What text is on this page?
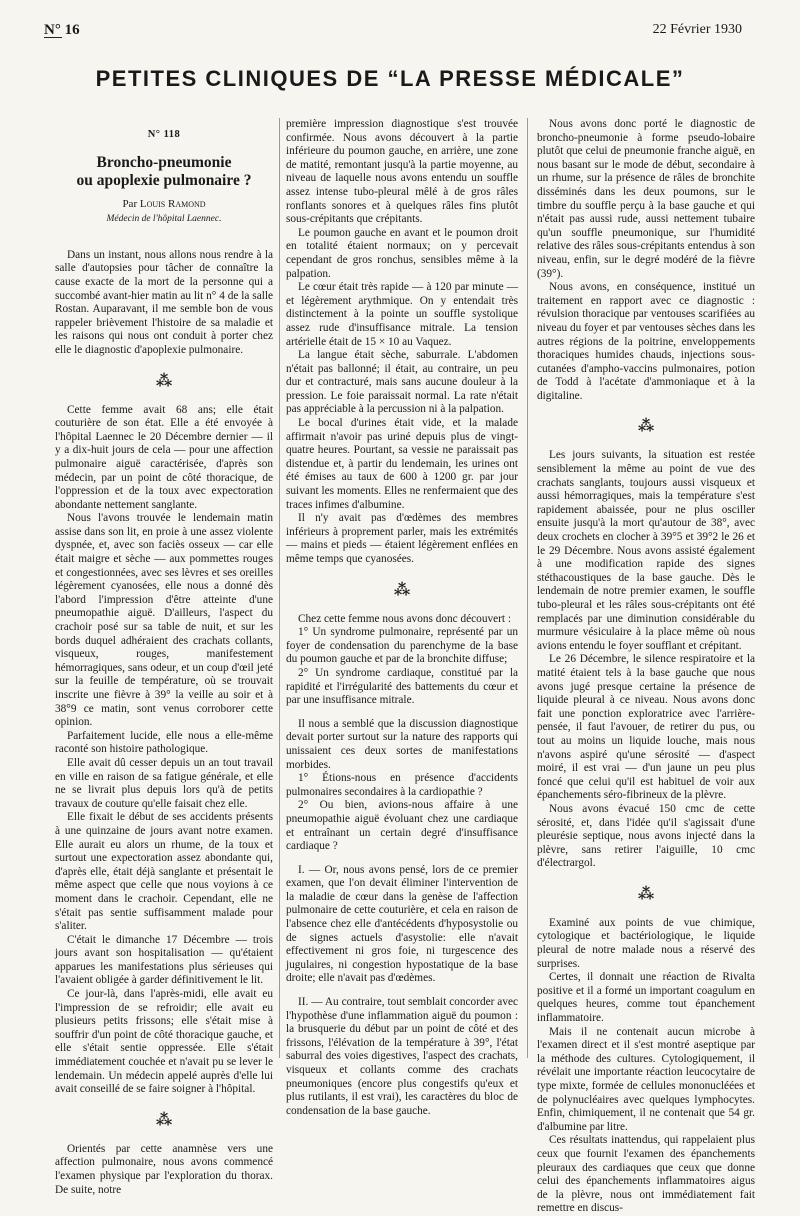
N° 16	22 Février 1930
PETITES CLINIQUES DE “LA PRESSE MÉDICALE”
N° 118
Broncho-pneumonie
ou apoplexie pulmonaire ?
Par Louis Ramond
Médecin de l'hôpital Laennec.

Dans un instant, nous allons nous rendre à la salle d'autopsies pour tâcher de connaître la cause exacte de la mort de la personne qui a succombé avant-hier matin au lit n° 4 de la salle Rostan. Auparavant, il me semble bon de vous rappeler brièvement l'histoire de sa maladie et les raisons qui nous ont conduit à porter chez elle le diagnostic d'apoplexie pulmonaire.

⁂

Cette femme avait 68 ans; elle était couturière de son état. Elle a été envoyée à l'hôpital Laennec le 20 Décembre dernier — il y a dix-huit jours de cela — pour une affection pulmonaire aiguë caractérisée, d'après son médecin, par un point de côté thoracique, de l'oppression et de la toux avec expectoration abondante nettement sanglante.

Nous l'avons trouvée le lendemain matin assise dans son lit, en proie à une assez violente dyspnée, et, avec son faciès osseux — car elle était maigre et sèche — aux pommettes rouges et congestionnées, avec ses lèvres et ses oreilles légèrement cyanosées, elle nous a donné dès l'abord l'impression d'être atteinte d'une pneumopathie aiguë. D'ailleurs, l'aspect du crachoir posé sur sa table de nuit, et sur les bords duquel adhéraient des crachats collants, visqueux, rouges, manifestement hémorragiques, sans odeur, et un coup d'œil jeté sur la feuille de température, où se trouvait inscrite une fièvre à 39° la veille au soir et à 38°9 ce matin, sont venus corroborer cette opinion.

Parfaitement lucide, elle nous a elle-même raconté son histoire pathologique.

Elle avait dû cesser depuis un an tout travail en ville en raison de sa fatigue générale, et elle ne se livrait plus depuis lors qu'à de petits travaux de couture qu'elle faisait chez elle.

Elle fixait le début de ses accidents présents à une quinzaine de jours avant notre examen. Elle aurait eu alors un rhume, de la toux et surtout une expectoration assez abondante qui, d'après elle, était déjà sanglante et présentait le même aspect que celle que nous voyions à ce moment dans le crachoir. Cependant, elle ne s'était pas sentie suffisamment malade pour s'aliter.

C'était le dimanche 17 Décembre — trois jours avant son hospitalisation — qu'étaient apparues les manifestations plus sérieuses qui l'avaient obligée à garder définitivement le lit.

Ce jour-là, dans l'après-midi, elle avait eu l'impression de se refroidir; elle avait eu plusieurs petits frissons; elle s'était mise à souffrir d'un point de côté thoracique gauche, et elle s'était sentie oppressée. Elle s'était immédiatement couchée et n'avait pu se lever le lendemain. Un médecin appelé auprès d'elle lui avait conseillé de se faire soigner à l'hôpital.

⁂

Orientés par cette anamnèse vers une affection pulmonaire, nous avons commencé l'examen physique par l'exploration du thorax. De suite, notre

première impression diagnostique s'est trouvée confirmée. Nous avons découvert à la partie inférieure du poumon gauche, en arrière, une zone de matité, remontant jusqu'à la partie moyenne, au niveau de laquelle nous avons entendu un souffle assez intense tubo-pleural mêlé à de gros râles ronflants sonores et à quelques râles fins plutôt sous-crépitants que crépitants.

Le poumon gauche en avant et le poumon droit en totalité étaient normaux; on y percevait cependant de gros ronchus, sensibles même à la palpation.

Le cœur était très rapide — à 120 par minute — et légèrement arythmique. On y entendait très distinctement à la pointe un souffle systolique assez rude d'insuffisance mitrale. La tension artérielle était de 15 × 10 au Vaquez.

La langue était sèche, saburrale. L'abdomen n'était pas ballonné; il était, au contraire, un peu dur et contracturé, mais sans aucune douleur à la pression. Le foie paraissait normal. La rate n'était pas appréciable à la percussion ni à la palpation.

Le bocal d'urines était vide, et la malade affirmait n'avoir pas uriné depuis plus de vingt-quatre heures. Pourtant, sa vessie ne paraissait pas distendue et, à partir du lendemain, les urines ont été émises au taux de 600 à 1200 gr. par jour suivant les moments. Elles ne renfermaient que des traces infimes d'albumine.

Il n'y avait pas d'œdèmes des membres inférieurs à proprement parler, mais les extrémités — mains et pieds — étaient légèrement enflées en même temps que cyanosées.

⁂

Chez cette femme nous avons donc découvert :

1° Un syndrome pulmonaire, représenté par un foyer de condensation du parenchyme de la base du poumon gauche et par de la bronchite diffuse;

2° Un syndrome cardiaque, constitué par la rapidité et l'irrégularité des battements du cœur et par une insuffisance mitrale.

Il nous a semblé que la discussion diagnostique devait porter surtout sur la nature des rapports qui unissaient ces deux sortes de manifestations morbides.

1° Étions-nous en présence d'accidents pulmonaires secondaires à la cardiopathie ?

2° Ou bien, avions-nous affaire à une pneumopathie aiguë évoluant chez une cardiaque et entraînant un certain degré d'insuffisance cardiaque ?

I. — Or, nous avons pensé, lors de ce premier examen, que l'on devait éliminer l'intervention de la maladie de cœur dans la genèse de l'affection pulmonaire de cette couturière, et cela en raison de l'absence chez elle d'antécédents d'hyposystolie ou de signes actuels d'asystolie: elle n'avait effectivement ni gros foie, ni turgescence des jugulaires, ni congestion hypostatique de la base droite; elle n'avait pas d'œdèmes.

II. — Au contraire, tout semblait concorder avec l'hypothèse d'une inflammation aiguë du poumon : la brusquerie du début par un point de côté et des frissons, l'élévation de la température à 39°, l'état saburral des voies digestives, l'aspect des crachats, visqueux et collants comme des crachats pneumoniques (encore plus congestifs qu'eux et plus rutilants, il est vrai), les caractères du bloc de condensation de la base gauche.

Nous avons donc porté le diagnostic de broncho-pneumonie à forme pseudo-lobaire plutôt que celui de pneumonie franche aiguë, en nous basant sur le mode de début, secondaire à un rhume, sur la présence de râles de bronchite disséminés dans les deux poumons, sur le timbre du souffle perçu à la base gauche et qui n'était pas aussi rude, aussi nettement tubaire qu'un souffle pneumonique, sur l'humidité relative des râles sous-crépitants entendus à son niveau, enfin, sur le degré modéré de la fièvre (39°).

Nous avons, en conséquence, institué un traitement en rapport avec ce diagnostic : révulsion thoracique par ventouses scarifiées au niveau du foyer et par ventouses sèches dans les autres régions de la poitrine, enveloppements thoraciques humides chauds, injections sous-cutanées d'ampho-vaccins pulmonaires, potion de Todd à l'acétate d'ammoniaque et à la digitaline.

⁂

Les jours suivants, la situation est restée sensiblement la même au point de vue des crachats sanglants, toujours aussi visqueux et aussi hémorragiques, mais la température s'est rapidement abaissée, pour ne plus osciller ensuite jusqu'à la mort qu'autour de 38°, avec deux crochets en clocher à 39°5 et 39°2 le 26 et le 29 Décembre. Nous avons assisté également à une modification rapide des signes stéthacoustiques de la base gauche. Dès le lendemain de notre premier examen, le souffle tubo-pleural et les râles sous-crépitants ont été remplacés par une diminution considérable du murmure vésiculaire à la place même où nous avions entendu le foyer soufflant et crépitant.

Le 26 Décembre, le silence respiratoire et la matité étaient tels à la base gauche que nous avons jugé presque certaine la présence de liquide pleural à ce niveau. Nous avons donc fait une ponction exploratrice avec l'arrière-pensée, il faut l'avouer, de retirer du pus, ou tout au moins un liquide louche, mais nous n'avons aspiré qu'une sérosité — d'aspect moiré, il est vrai — d'un jaune un peu plus foncé que celui qu'il est habituel de voir aux épanchements séro-fibrineux de la plèvre.

Nous avons évacué 150 cmc de cette sérosité, et, dans l'idée qu'il s'agissait d'une pleurésie septique, nous avons injecté dans la plèvre, sans retirer l'aiguille, 10 cmc d'électrargol.

⁂

Examiné aux points de vue chimique, cytologique et bactériologique, le liquide pleural de notre malade nous a réservé des surprises.

Certes, il donnait une réaction de Rivalta positive et il a formé un important coagulum en quelques heures, comme tout épanchement inflammatoire.

Mais il ne contenait aucun microbe à l'examen direct et il s'est montré aseptique par la méthode des cultures. Cytologiquement, il révélait une importante réaction leucocytaire de type mixte, formée de cellules mononucléées et de polynucléaires avec quelques lymphocytes. Enfin, chimiquement, il ne contenait que 54 gr. d'albumine par litre.

Ces résultats inattendus, qui rappelaient plus ceux que fournit l'examen des épanchements pleuraux des cardiaques que ceux que donne celui des épanchements inflammatoires aigus de la plèvre, nous ont immédiatement fait remettre en discus-
